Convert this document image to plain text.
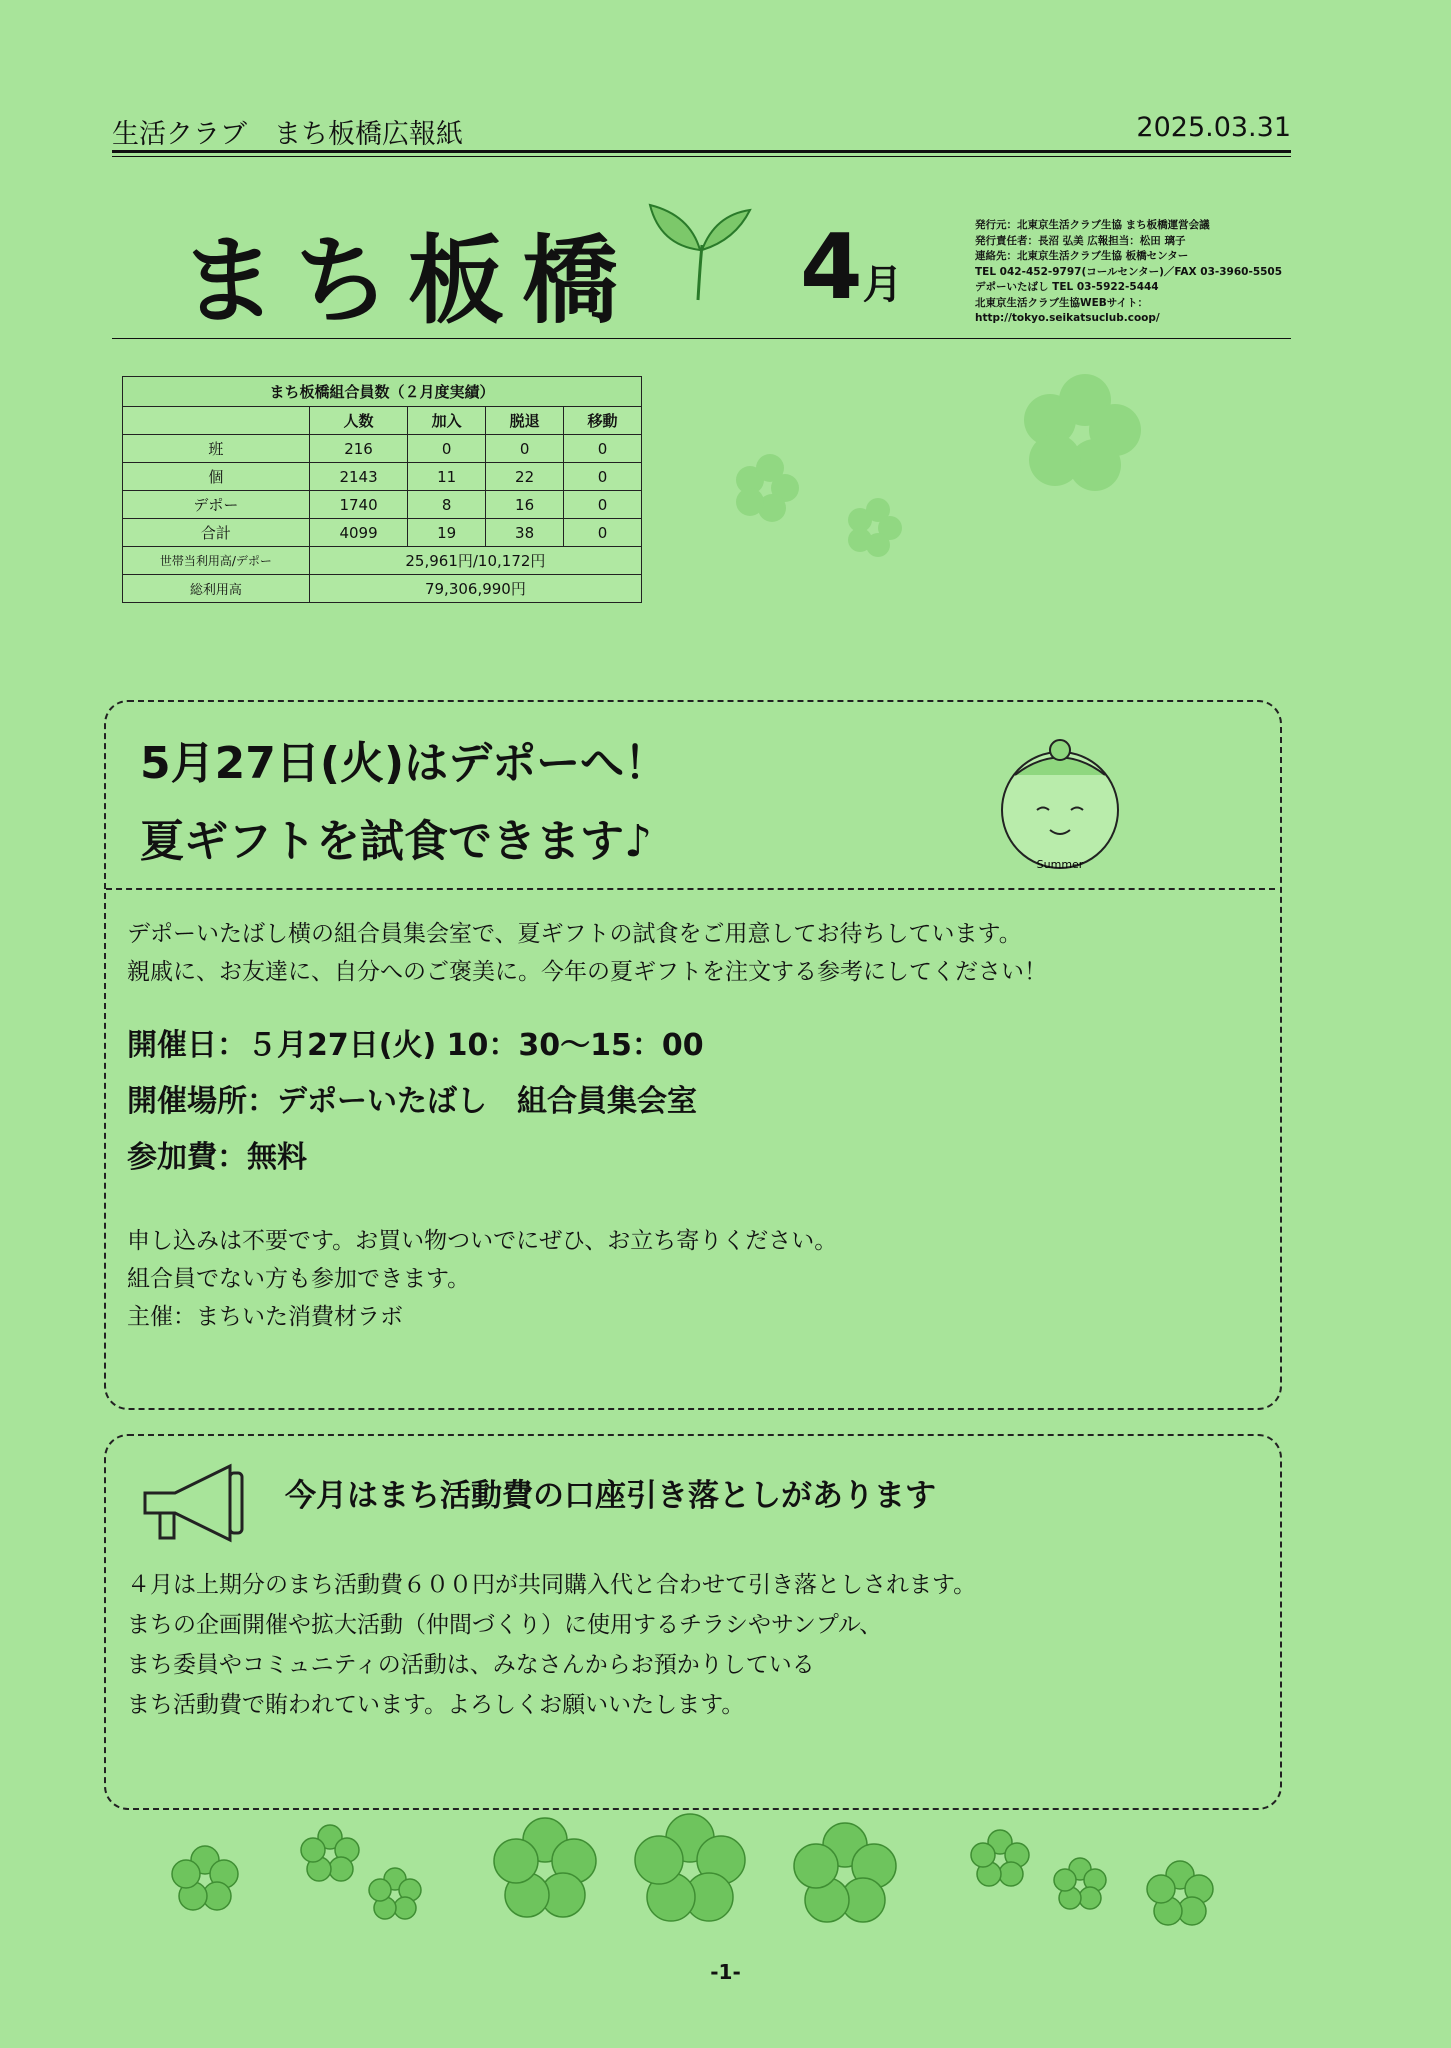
生活クラブ　まち板橋広報紙	2025.03.31
まち板橋 4月
発行元：北東京生活クラブ生協 まち板橋運営会議
発行責任者：長沼 弘美 広報担当：松田 璃子
連絡先：北東京生活クラブ生協 板橋センター
TEL 042-452-9797(コールセンター)／FAX 03-3960-5505
デポーいたばし TEL 03-5922-5444
北東京生活クラブ生協WEBサイト：
http://tokyo.seikatsuclub.coop/
まち板橋組合員数（２月度実績）
	人数	加入	脱退	移動
班	216	0	0	0
個	2143	11	22	0
デポー	1740	8	16	0
合計	4099	19	38	0
世帯当利用高/デポー	25,961円/10,172円			
総利用高	79,306,990円			
5月27日(火)はデポーへ！
夏ギフトを試食できます♪	Summer
デポーいたばし横の組合員集会室で、夏ギフトの試食をご用意してお待ちしています。
親戚に、お友達に、自分へのご褒美に。今年の夏ギフトを注文する参考にしてください！
開催日：５月27日(火) 10：30～15：00
開催場所：デポーいたばし　組合員集会室
参加費：無料
申し込みは不要です。お買い物ついでにぜひ、お立ち寄りください。
組合員でない方も参加できます。
主催：まちいた消費材ラボ
今月はまち活動費の口座引き落としがあります
４月は上期分のまち活動費６００円が共同購入代と合わせて引き落としされます。
まちの企画開催や拡大活動（仲間づくり）に使用するチラシやサンプル、
まち委員やコミュニティの活動は、みなさんからお預かりしている
まち活動費で賄われています。よろしくお願いいたします。
-1-
